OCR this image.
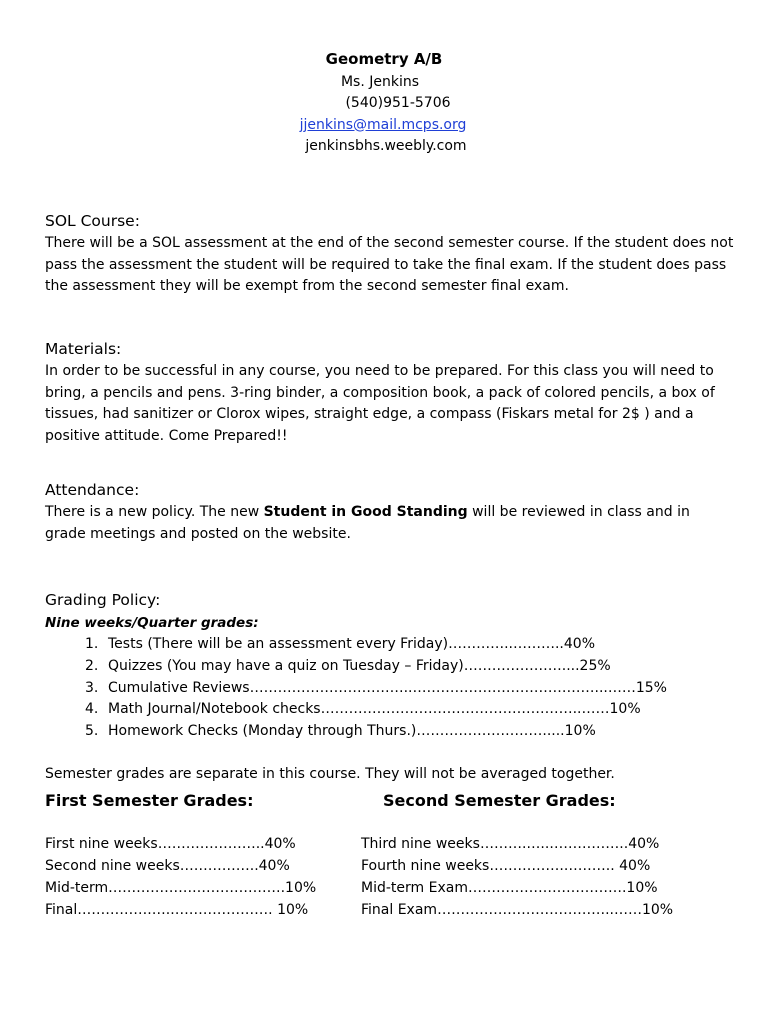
Geometry A/B
Ms. Jenkins
(540)951-5706
jjenkins@mail.mcps.org
jenkinsbhs.weebly.com
SOL Course:

There will be a SOL assessment at the end of the second semester course. If the student does not pass the assessment the student will be required to take the final exam. If the student does pass the assessment they will be exempt from the second semester final exam.

Materials:

In order to be successful in any course, you need to be prepared. For this class you will need to bring, a pencils and pens. 3-ring binder, a composition book, a pack of colored pencils, a box of tissues, had sanitizer or Clorox wipes, straight edge, a compass (Fiskars metal for 2$ ) and a positive attitude. Come Prepared!!

Attendance:

There is a new policy. The new Student in Good Standing will be reviewed in class and in grade meetings and posted on the website.

Grading Policy:
Nine weeks/Quarter grades:
1. Tests (There will be an assessment every Friday)…………..………..40%
2. Quizzes (You may have a quiz on Tuesday – Friday)…………………....25%
3. Cumulative Reviews……………………………..…………………………………...……15%
4. Math Journal/Notebook checks………………………………………………..……10%
5. Homework Checks (Monday through Thurs.)……………………….....10%
Semester grades are separate in this course. They will not be averaged together.
First Semester Grades:
First nine weeks…………………..40%
Second nine weeks……………..40%
Mid-term……………….……………….10%
Final…………….….…………………. 10%
Second Semester Grades:
Third nine weeks……….…..……………..40%
Fourth nine weeks…………….……….. 40%
Mid-term Exam…………………………….10%
Final Exam………………………………..……10%
